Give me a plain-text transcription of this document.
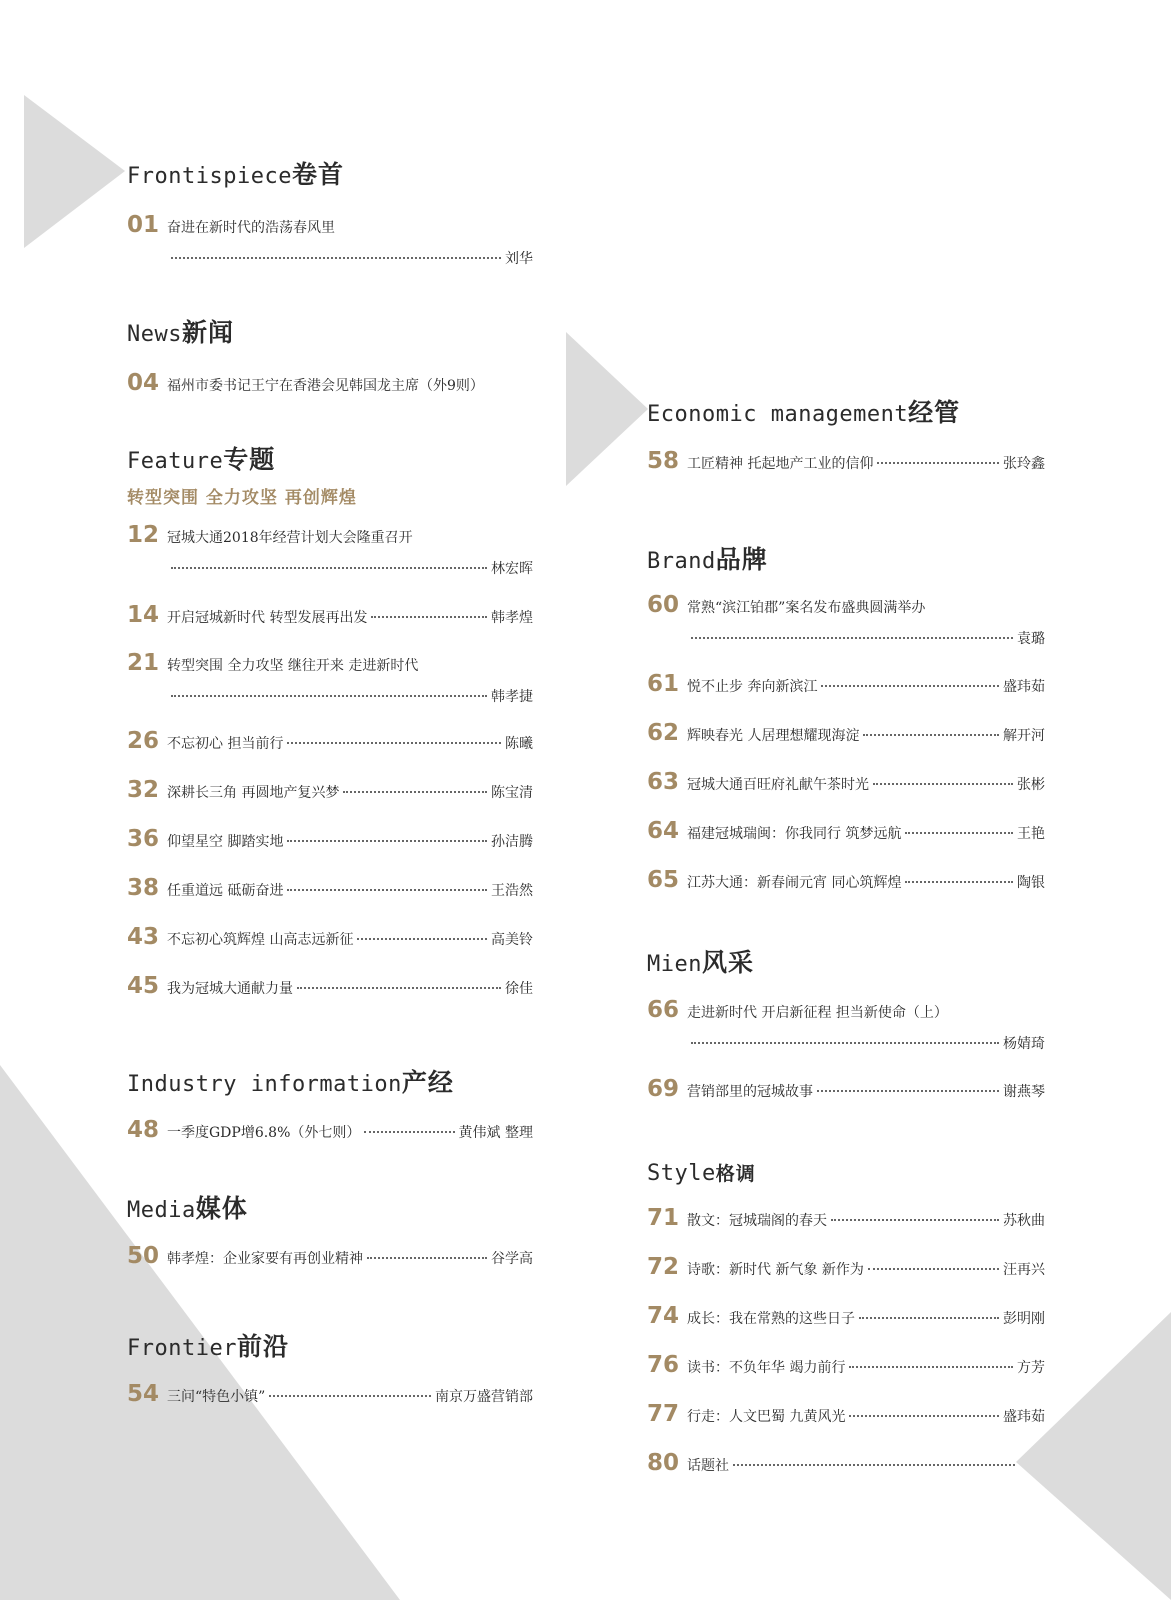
Frontispiece卷首
01 奋进在新时代的浩荡春风里
刘华
News新闻
04 福州市委书记王宁在香港会见韩国龙主席（外9则）
Feature专题

转型突围 全力攻坚 再创辉煌

12 冠城大通2018年经营计划大会隆重召开
林宏晖
14 开启冠城新时代 转型发展再出发	韩孝煌
21 转型突围 全力攻坚 继往开来 走进新时代
韩孝捷
26 不忘初心 担当前行	陈曦
32 深耕长三角 再圆地产复兴梦	陈宝清
36 仰望星空 脚踏实地	孙洁腾
38 任重道远 砥砺奋进	王浩然
43 不忘初心筑辉煌 山高志远新征	高美铃
45 我为冠城大通献力量	徐佳
Industry information产经
48 一季度GDP增6.8%（外七则）	黄伟斌 整理
Media媒体
50 韩孝煌：企业家要有再创业精神	谷学高
Frontier前沿
54 三问“特色小镇”	南京万盛营销部
Economic management经管
58 工匠精神 托起地产工业的信仰	张玲鑫
Brand品牌
60 常熟“滨江铂郡”案名发布盛典圆满举办
袁璐
61 悦不止步 奔向新滨江	盛玮茹
62 辉映春光 人居理想耀现海淀	解开河
63 冠城大通百旺府礼献午茶时光	张彬
64 福建冠城瑞闽：你我同行 筑梦远航	王艳
65 江苏大通：新春闹元宵 同心筑辉煌	陶银
Mien风采
66 走进新时代 开启新征程 担当新使命（上）
杨婧琦
69 营销部里的冠城故事	谢燕琴
Style格调
71 散文：冠城瑞阁的春天	苏秋曲
72 诗歌：新时代 新气象 新作为	汪再兴
74 成长：我在常熟的这些日子	彭明刚
76 读书：不负年华 竭力前行	方芳
77 行走：人文巴蜀 九黄风光	盛玮茹
80 话题社
